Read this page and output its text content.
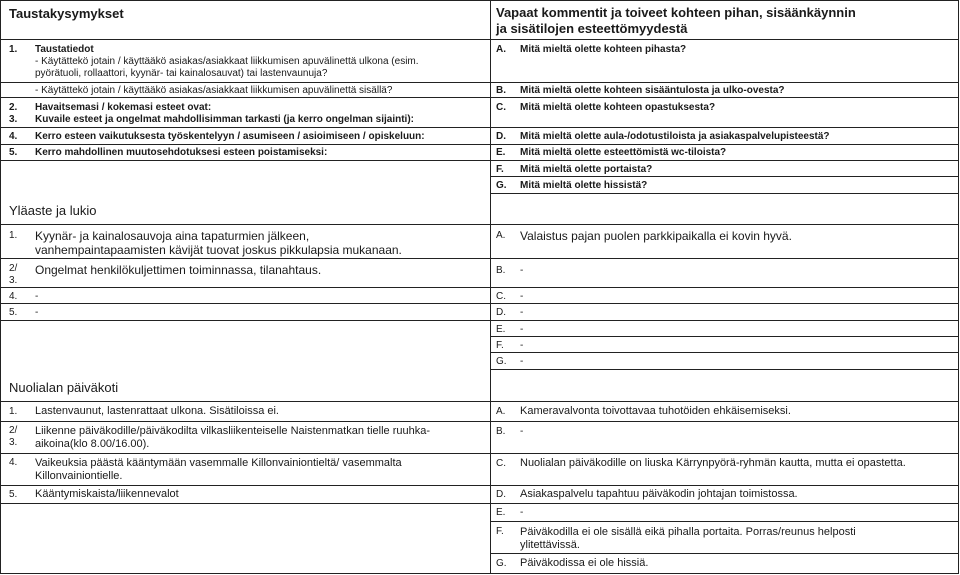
Taustakysymykset	Vapaat kommentit ja toiveet kohteen pihan, sisäänkäynnin
ja sisätilojen esteettömyydestä
1. Taustatiedot
- Käytättekö jotain / käyttääkö asiakas/asiakkaat liikkumisen apuvälinettä ulkona (esim.
pyörätuoli, rollaattori, kyynär- tai kainalosauvat) tai lastenvaunuja?
- Käytättekö jotain / käyttääkö asiakas/asiakkaat liikkumisen apuvälinettä sisällä?
2. Havaitsemasi / kokemasi esteet ovat:
3. Kuvaile esteet ja ongelmat mahdollisimman tarkasti (ja kerro ongelman sijainti):
4. Kerro esteen vaikutuksesta työskentelyyn / asumiseen / asioimiseen / opiskeluun:
5. Kerro mahdollinen muutosehdotuksesi esteen poistamiseksi:
A. Mitä mieltä olette kohteen pihasta?
B. Mitä mieltä olette kohteen sisääntulosta ja ulko-ovesta?
C. Mitä mieltä olette kohteen opastuksesta?
D. Mitä mieltä olette aula-/odotustiloista ja asiakaspalvelupisteestä?
E. Mitä mieltä olette esteettömistä wc-tiloista?
F. Mitä mieltä olette portaista?
G. Mitä mieltä olette hissistä?
Yläaste ja lukio
1. Kyynär- ja kainalosauvoja aina tapaturmien jälkeen,
vanhempaintapaamisten kävijät tuovat joskus pikkulapsia mukanaan.
2/
3.
Ongelmat henkilökuljettimen toiminnassa, tilanahtaus.
4. -
5. -
A. Valaistus pajan puolen parkkipaikalla ei kovin hyvä.
B. -
C. -
D. -
E. -
F. -
G. -
Nuolialan päiväkoti
1. Lastenvaunut, lastenrattaat ulkona. Sisätiloissa ei.
2/
3.
Liikenne päiväkodille/päiväkodilta vilkasliikenteiselle Naistenmatkan tielle ruuhka-
aikoina(klo 8.00/16.00).
4. Vaikeuksia päästä kääntymään vasemmalle Killonvainiontieltä/ vasemmalta
Killonvainiontielle.
5. Kääntymiskaista/liikennevalot
A. Kameravalvonta toivottavaa tuhotöiden ehkäisemiseksi.
B. -
C. Nuolialan päiväkodille on liuska Kärrynpyörä-ryhmän kautta, mutta ei opastetta.
D. Asiakaspalvelu tapahtuu päiväkodin johtajan toimistossa.
E. -
F. Päiväkodilla ei ole sisällä eikä pihalla portaita. Porras/reunus helposti
ylitettävissä.
G. Päiväkodissa ei ole hissiä.
